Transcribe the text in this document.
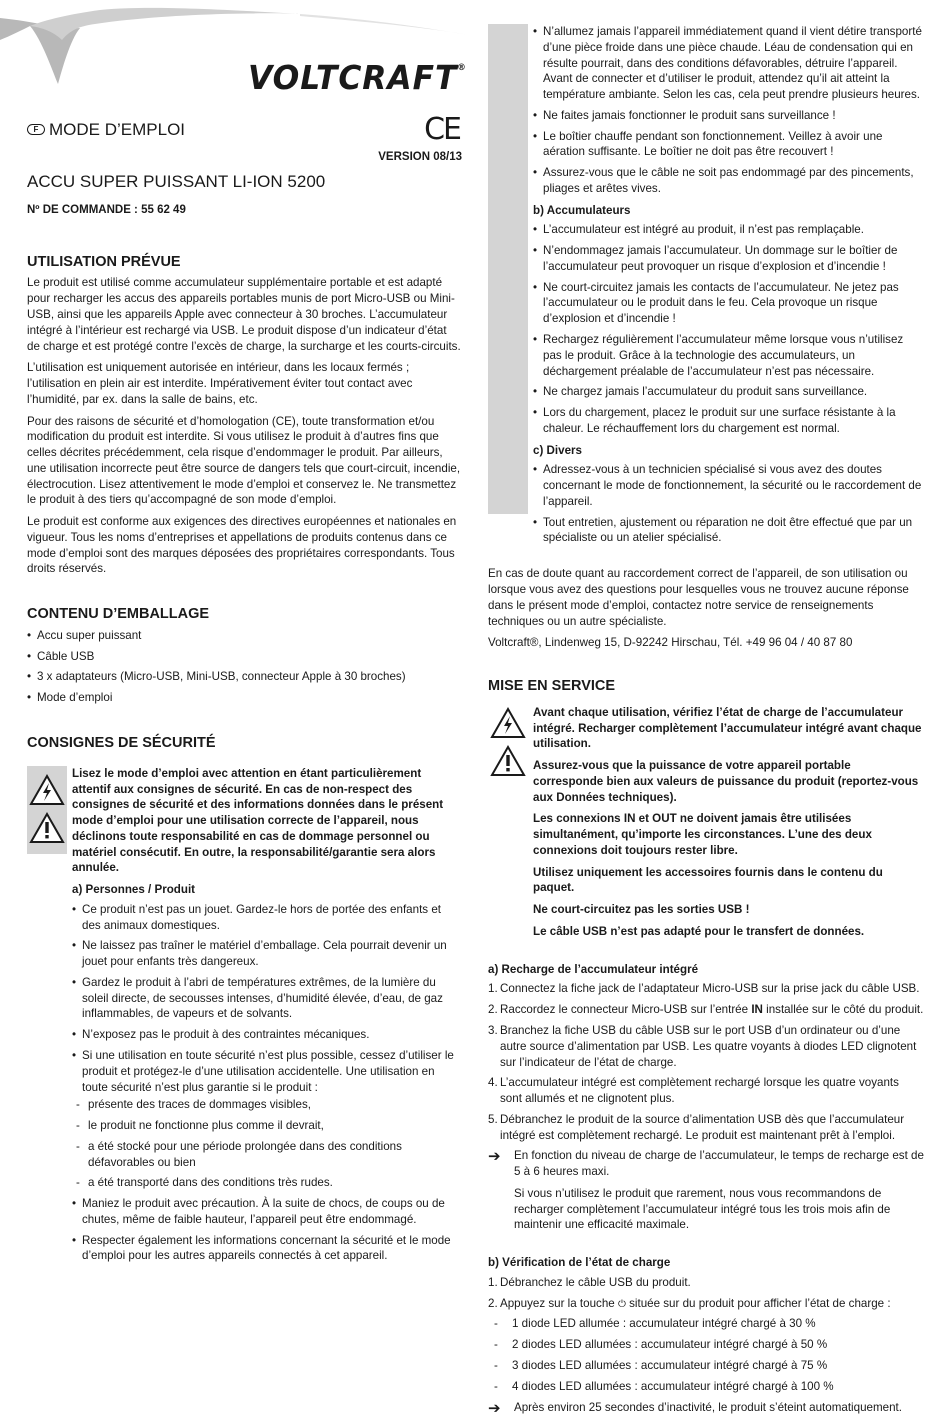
VOLTCRAFT®
F MODE D’EMPLOI	CE
VERSION 08/13
ACCU SUPER PUISSANT LI-ION 5200
Nº DE COMMANDE : 55 62 49
UTILISATION PRÉVUE

Le produit est utilisé comme accumulateur supplémentaire portable et est adapté pour recharger les accus des appareils portables munis de port Micro-USB ou Mini-USB, ainsi que les appareils Apple avec connecteur à 30 broches. L’accumulateur intégré à l’intérieur est rechargé via USB. Le produit dispose d’un indicateur d’état de charge et est protégé contre l’excès de charge, la surcharge et les courts-circuits.

L’utilisation est uniquement autorisée en intérieur, dans les locaux fermés ; l’utilisation en plein air est interdite. Impérativement éviter tout contact avec l’humidité, par ex. dans la salle de bains, etc.

Pour des raisons de sécurité et d’homologation (CE), toute transformation et/ou modification du produit est interdite. Si vous utilisez le produit à d’autres fins que celles décrites précédemment, cela risque d’endommager le produit. Par ailleurs, une utilisation incorrecte peut être source de dangers tels que court-circuit, incendie, électrocution. Lisez attentivement le mode d’emploi et conservez le. Ne transmettez le produit à des tiers qu’accompagné de son mode d’emploi.

Le produit est conforme aux exigences des directives européennes et nationales en vigueur. Tous les noms d’entreprises et appellations de produits contenus dans ce mode d’emploi sont des marques déposées des propriétaires correspondants. Tous droits réservés.

CONTENU D’EMBALLAGE
• Accu super puissant
• Câble USB
• 3 x adaptateurs (Micro-USB, Mini-USB, connecteur Apple à 30 broches)
• Mode d’emploi
CONSIGNES DE SÉCURITÉ

Lisez le mode d’emploi avec attention en étant particulièrement attentif aux consignes de sécurité. En cas de non-respect des consignes de sécurité et des informations données dans le présent mode d’emploi pour une utilisation correcte de l’appareil, nous déclinons toute responsabilité en cas de dommage personnel ou matériel consécutif. En outre, la responsabilité/garantie sera alors annulée.

a) Personnes / Produit
• Ce produit n’est pas un jouet. Gardez-le hors de portée des enfants et des animaux domestiques.
• Ne laissez pas traîner le matériel d’emballage. Cela pourrait devenir un jouet pour enfants très dangereux.
• Gardez le produit à l’abri de températures extrêmes, de la lumière du soleil directe, de secousses intenses, d’humidité élevée, d’eau, de gaz inflammables, de vapeurs et de solvants.
• N’exposez pas le produit à des contraintes mécaniques.
• Si une utilisation en toute sécurité n’est plus possible, cessez d’utiliser le produit et protégez-le d’une utilisation accidentelle. Une utilisation en toute sécurité n’est plus garantie si le produit :
- présente des traces de dommages visibles,
- le produit ne fonctionne plus comme il devrait,
- a été stocké pour une période prolongée dans des conditions défavorables ou bien
- a été transporté dans des conditions très rudes.
• Maniez le produit avec précaution. À la suite de chocs, de coups ou de chutes, même de faible hauteur, l’appareil peut être endommagé.
• Respecter également les informations concernant la sécurité et le mode d’emploi pour les autres appareils connectés à cet appareil.
• N’allumez jamais l’appareil immédiatement quand il vient détire transporté d’une pièce froide dans une pièce chaude. Léau de condensation qui en résulte pourrait, dans des conditions défavorables, détruire l’appareil. Avant de connecter et d’utiliser le produit, attendez qu’il ait atteint la température ambiante. Selon les cas, cela peut prendre plusieurs heures.
• Ne faites jamais fonctionner le produit sans surveillance !
• Le boîtier chauffe pendant son fonctionnement. Veillez à avoir une aération suffisante. Le boîtier ne doit pas être recouvert !
• Assurez-vous que le câble ne soit pas endommagé par des pincements, pliages et arêtes vives.
b) Accumulateurs
• L’accumulateur est intégré au produit, il n’est pas remplaçable.
• N’endommagez jamais l’accumulateur. Un dommage sur le boîtier de l’accumulateur peut provoquer un risque d’explosion et d’incendie !
• Ne court-circuitez jamais les contacts de l’accumulateur. Ne jetez pas l’accumulateur ou le produit dans le feu. Cela provoque un risque d’explosion et d’incendie !
• Rechargez régulièrement l’accumulateur même lorsque vous n’utilisez pas le produit. Grâce à la technologie des accumulateurs, un déchargement préalable de l’accumulateur n’est pas nécessaire.
• Ne chargez jamais l’accumulateur du produit sans surveillance.
• Lors du chargement, placez le produit sur une surface résistante à la chaleur. Le réchauffement lors du chargement est normal.
c) Divers
• Adressez-vous à un technicien spécialisé si vous avez des doutes concernant le mode de fonctionnement, la sécurité ou le raccordement de l’appareil.
• Tout entretien, ajustement ou réparation ne doit être effectué que par un spécialiste ou un atelier spécialisé.

En cas de doute quant au raccordement correct de l’appareil, de son utilisation ou lorsque vous avez des questions pour lesquelles vous ne trouvez aucune réponse dans le présent mode d’emploi, contactez notre service de renseignements techniques ou un autre spécialiste.

Voltcraft®, Lindenweg 15, D-92242 Hirschau, Tél. +49 96 04 / 40 87 80

MISE EN SERVICE

Avant chaque utilisation, vérifiez l’état de charge de l’accumulateur intégré. Recharger complètement l’accumulateur intégré avant chaque utilisation.

Assurez-vous que la puissance de votre appareil portable corresponde bien aux valeurs de puissance du produit (reportez-vous aux Données techniques).

Les connexions IN et OUT ne doivent jamais être utilisées simultanément, qu’importe les circonstances. L’une des deux connexions doit toujours rester libre.

Utilisez uniquement les accessoires fournis dans le contenu du paquet.

Ne court-circuitez pas les sorties USB !

Le câble USB n’est pas adapté pour le transfert de données.

a) Recharge de l’accumulateur intégré
1. Connectez la fiche jack de l’adaptateur Micro-USB sur la prise jack du câble USB.
2. Raccordez le connecteur Micro-USB sur l’entrée IN installée sur le côté du produit.
3. Branchez la fiche USB du câble USB sur le port USB d’un ordinateur ou d’une autre source d’alimentation par USB. Les quatre voyants à diodes LED clignotent sur l’indicateur de l’état de charge.
4. L’accumulateur intégré est complètement rechargé lorsque les quatre voyants sont allumés et ne clignotent plus.
5. Débranchez le produit de la source d’alimentation USB dès que l’accumulateur intégré est complètement rechargé. Le produit est maintenant prêt à l’emploi.
➔ En fonction du niveau de charge de l’accumulateur, le temps de recharge est de 5 à 6 heures maxi.

Si vous n’utilisez le produit que rarement, nous vous recommandons de recharger complètement l’accumulateur intégré tous les trois mois afin de maintenir une efficacité maximale.

b) Vérification de l’état de charge
1. Débranchez le câble USB du produit.
2. Appuyez sur la touche ⏻ située sur du produit pour afficher l’état de charge :
- 1 diode LED allumée : accumulateur intégré chargé à 30 %
- 2 diodes LED allumées : accumulateur intégré chargé à 50 %
- 3 diodes LED allumées : accumulateur intégré chargé à 75 %
- 4 diodes LED allumées : accumulateur intégré chargé à 100 %
➔ Après environ 25 secondes d’inactivité, le produit s’éteint automatiquement.
